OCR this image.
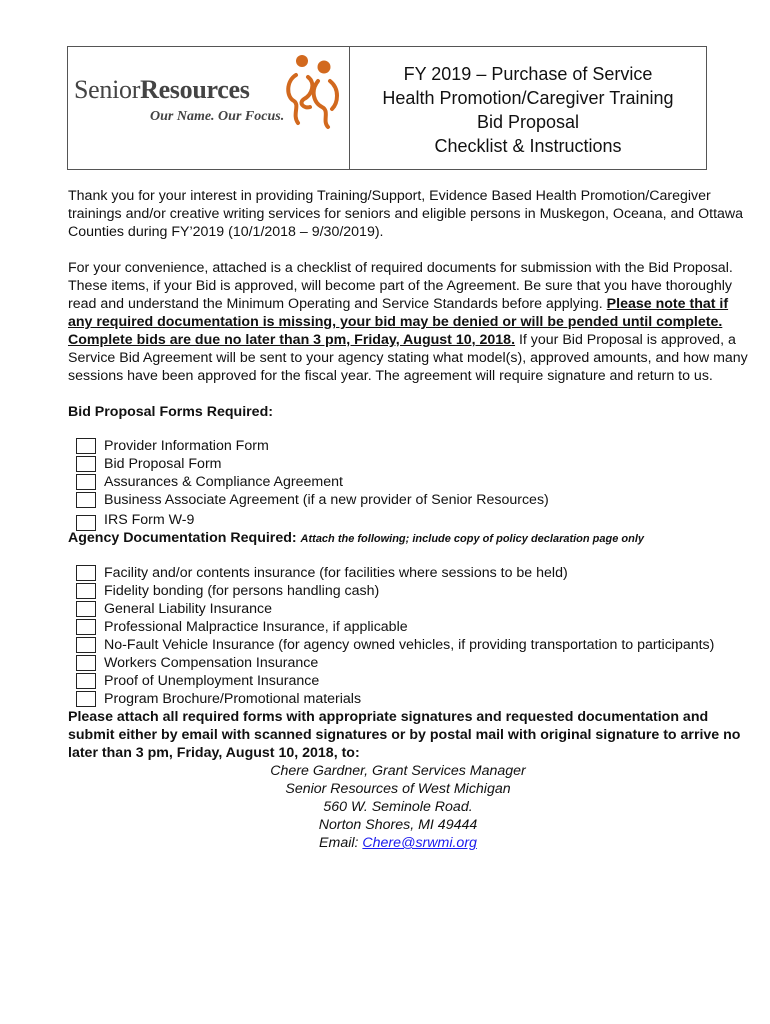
SeniorResources
Our Name. Our Focus.
FY 2019 – Purchase of Service
Health Promotion/Caregiver Training
Bid Proposal
Checklist & Instructions

Thank you for your interest in providing Training/Support, Evidence Based Health Promotion/Caregiver trainings and/or creative writing services for seniors and eligible persons in Muskegon, Oceana, and Ottawa Counties during FY’2019 (10/1/2018 – 9/30/2019).

For your convenience, attached is a checklist of required documents for submission with the Bid Proposal. These items, if your Bid is approved, will become part of the Agreement. Be sure that you have thoroughly read and understand the Minimum Operating and Service Standards before applying. Please note that if any required documentation is missing, your bid may be denied or will be pended until complete. Complete bids are due no later than 3 pm, Friday, August 10, 2018. If your Bid Proposal is approved, a Service Bid Agreement will be sent to your agency stating what model(s), approved amounts, and how many sessions have been approved for the fiscal year. The agreement will require signature and return to us.

Bid Proposal Forms Required:

Provider Information Form
Bid Proposal Form
Assurances & Compliance Agreement
Business Associate Agreement (if a new provider of Senior Resources)
IRS Form W-9

Agency Documentation Required: Attach the following; include copy of policy declaration page only

Facility and/or contents insurance (for facilities where sessions to be held)
Fidelity bonding (for persons handling cash)
General Liability Insurance
Professional Malpractice Insurance, if applicable
No-Fault Vehicle Insurance (for agency owned vehicles, if providing transportation to participants)
Workers Compensation Insurance
Proof of Unemployment Insurance
Program Brochure/Promotional materials

Please attach all required forms with appropriate signatures and requested documentation and submit either by email with scanned signatures or by postal mail with original signature to arrive no later than 3 pm, Friday, August 10, 2018, to:

Chere Gardner, Grant Services Manager
Senior Resources of West Michigan
560 W. Seminole Road.
Norton Shores, MI 49444
Email: Chere@srwmi.org
